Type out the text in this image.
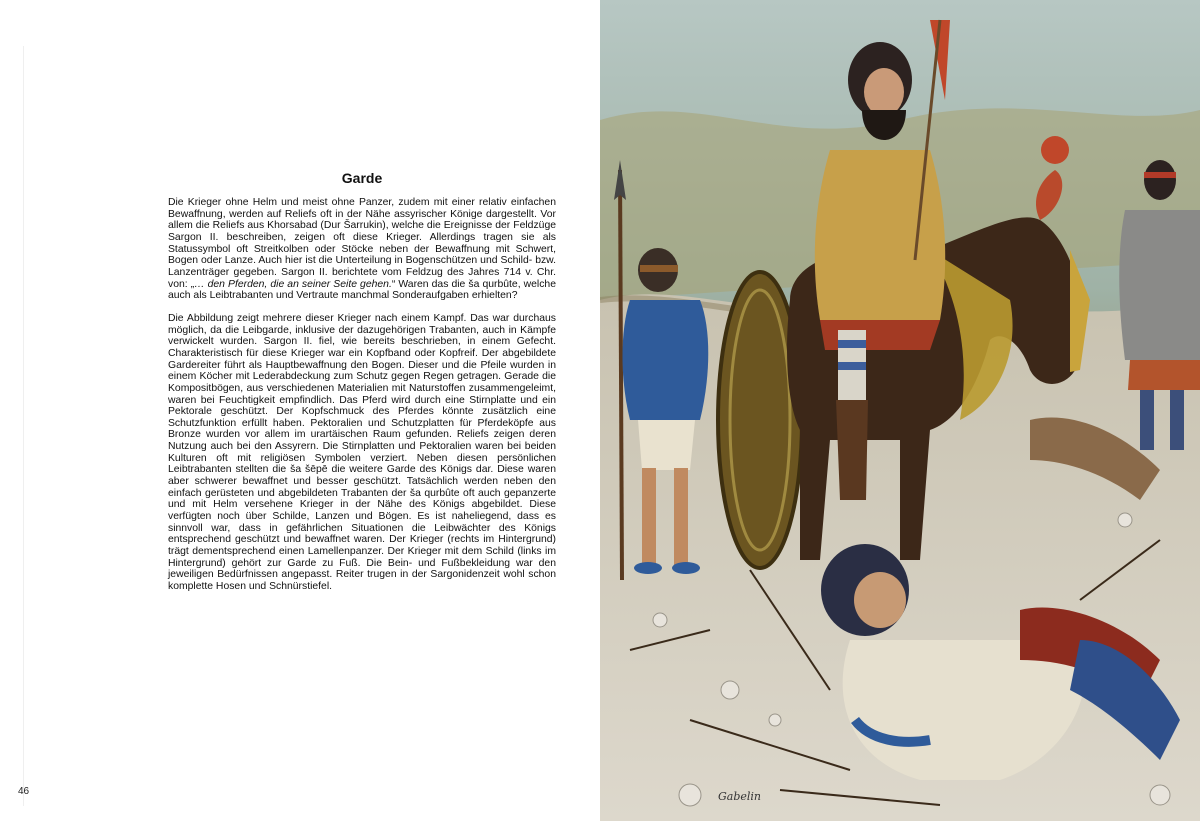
Garde

Die Krieger ohne Helm und meist ohne Panzer, zudem mit einer relativ einfachen Bewaffnung, werden auf Reliefs oft in der Nähe assyrischer Könige dargestellt. Vor allem die Reliefs aus Khorsabad (Dur Šarrukin), welche die Ereignisse der Feldzüge Sargon II. beschreiben, zeigen oft diese Krieger. Allerdings tragen sie als Statussymbol oft Streitkolben oder Stöcke neben der Bewaffnung mit Schwert, Bogen oder Lanze. Auch hier ist die Unterteilung in Bogenschützen und Schild- bzw. Lanzenträger gegeben. Sargon II. berichtete vom Feldzug des Jahres 714 v. Chr. von: „… den Pferden, die an seiner Seite gehen.“ Waren das die ša qurbûte, welche auch als Leibtrabanten und Vertraute manchmal Sonderaufgaben erhielten?

Die Abbildung zeigt mehrere dieser Krieger nach einem Kampf. Das war durchaus möglich, da die Leibgarde, inklusive der dazugehörigen Trabanten, auch in Kämpfe verwickelt wurden. Sargon II. fiel, wie bereits beschrieben, in einem Gefecht. Charakteristisch für diese Krieger war ein Kopfband oder Kopfreif. Der abgebildete Gardereiter führt als Hauptbewaffnung den Bogen. Dieser und die Pfeile wurden in einem Köcher mit Lederabdeckung zum Schutz gegen Regen getragen. Gerade die Kompositbögen, aus verschiedenen Materialien mit Naturstoffen zusammengeleimt, waren bei Feuchtigkeit empfindlich. Das Pferd wird durch eine Stirnplatte und ein Pektorale geschützt. Der Kopfschmuck des Pferdes könnte zusätzlich eine Schutzfunktion erfüllt haben. Pektoralien und Schutzplatten für Pferdeköpfe aus Bronze wurden vor allem im urartäischen Raum gefunden. Reliefs zeigen deren Nutzung auch bei den Assyrern. Die Stirnplatten und Pektoralien waren bei beiden Kulturen oft mit religiösen Symbolen verziert. Neben diesen persönlichen Leibtrabanten stellten die ša šēpē die weitere Garde des Königs dar. Diese waren aber schwerer bewaffnet und besser geschützt. Tatsächlich werden neben den einfach gerüsteten und abgebildeten Trabanten der ša qurbûte oft auch gepanzerte und mit Helm versehene Krieger in der Nähe des Königs abgebildet. Diese verfügten noch über Schilde, Lanzen und Bögen. Es ist naheliegend, dass es sinnvoll war, dass in gefährlichen Situationen die Leibwächter des Königs entsprechend geschützt und bewaffnet waren. Der Krieger (rechts im Hintergrund) trägt dementsprechend einen Lamellenpanzer. Der Krieger mit dem Schild (links im Hintergrund) gehört zur Garde zu Fuß. Die Bein- und Fußbekleidung war den jeweiligen Bedürfnissen angepasst. Reiter trugen in der Sargonidenzeit wohl schon komplette Hosen und Schnürstiefel.

46	Gabelin
